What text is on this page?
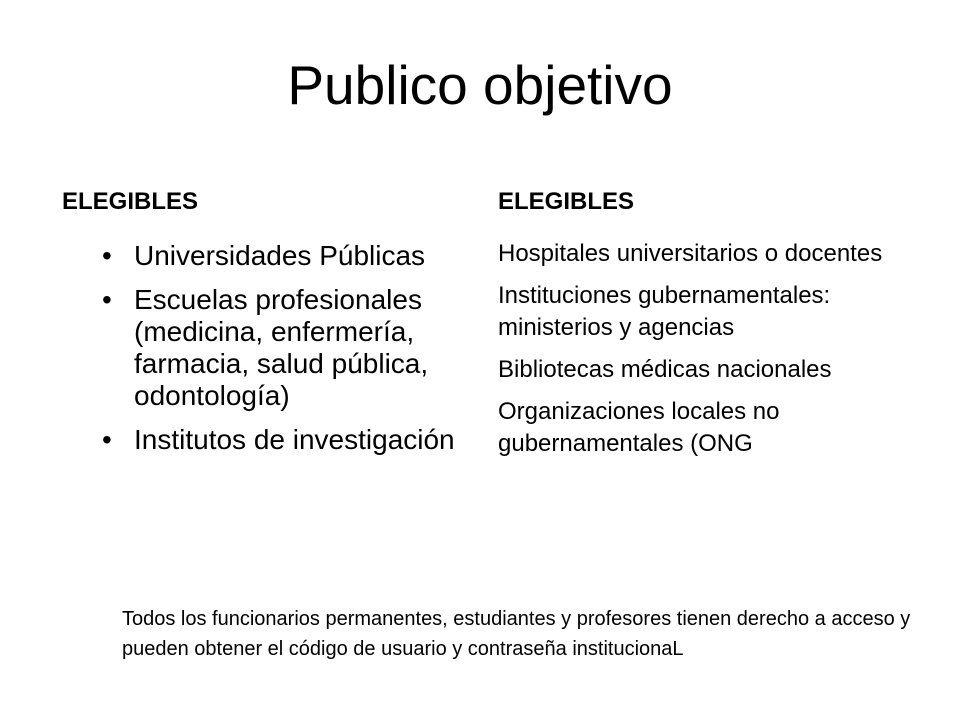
Publico objetivo
ELEGIBLES
• Universidades Públicas
• Escuelas profesionales (medicina, enfermería, farmacia, salud pública, odontología)
• Institutos de investigación
ELEGIBLES
Hospitales universitarios o docentes
Instituciones gubernamentales: ministerios y agencias
Bibliotecas médicas nacionales
Organizaciones locales no gubernamentales (ONG
Todos los funcionarios permanentes, estudiantes y profesores tienen derecho a acceso y pueden obtener el código de usuario y contraseña institucionaL
